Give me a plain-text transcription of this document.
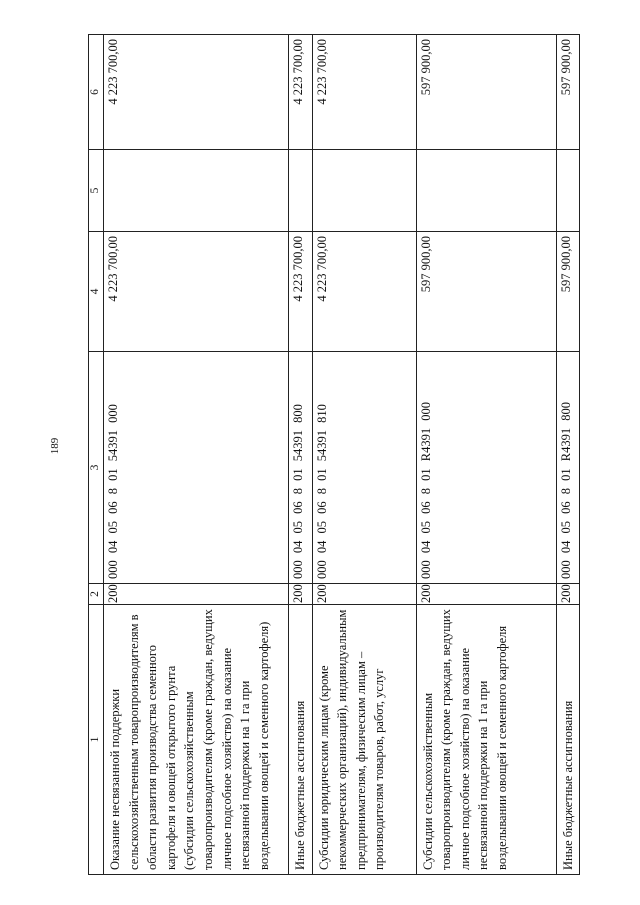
189
1	2	3	4	5	6
Оказание несвязанной поддержки сельскохозяйственным товаропроизводителям в области развития производства семенного картофеля и овощей открытого грунта (субсидии сельскохозяйственным товаропроизводителям (кроме граждан, ведущих личное подсобное хозяйство) на оказание несвязанной поддержки на 1 га при возделывании овощей и семенного картофеля)	200	000 04 05 06 8 01 54391 000	4 223 700,00		4 223 700,00
Иные бюджетные ассигнования	200	000 04 05 06 8 01 54391 800	4 223 700,00		4 223 700,00
Субсидии юридическим лицам (кроме некоммерческих организаций), индивидуальным предпринимателям, физическим лицам – производителям товаров, работ, услуг	200	000 04 05 06 8 01 54391 810	4 223 700,00		4 223 700,00
Субсидии сельскохозяйственным товаропроизводителям (кроме граждан, ведущих личное подсобное хозяйство) на оказание несвязанной поддержки на 1 га при возделывании овощей и семенного картофеля	200	000 04 05 06 8 01 R4391 000	597 900,00		597 900,00
Иные бюджетные ассигнования	200	000 04 05 06 8 01 R4391 800	597 900,00		597 900,00
